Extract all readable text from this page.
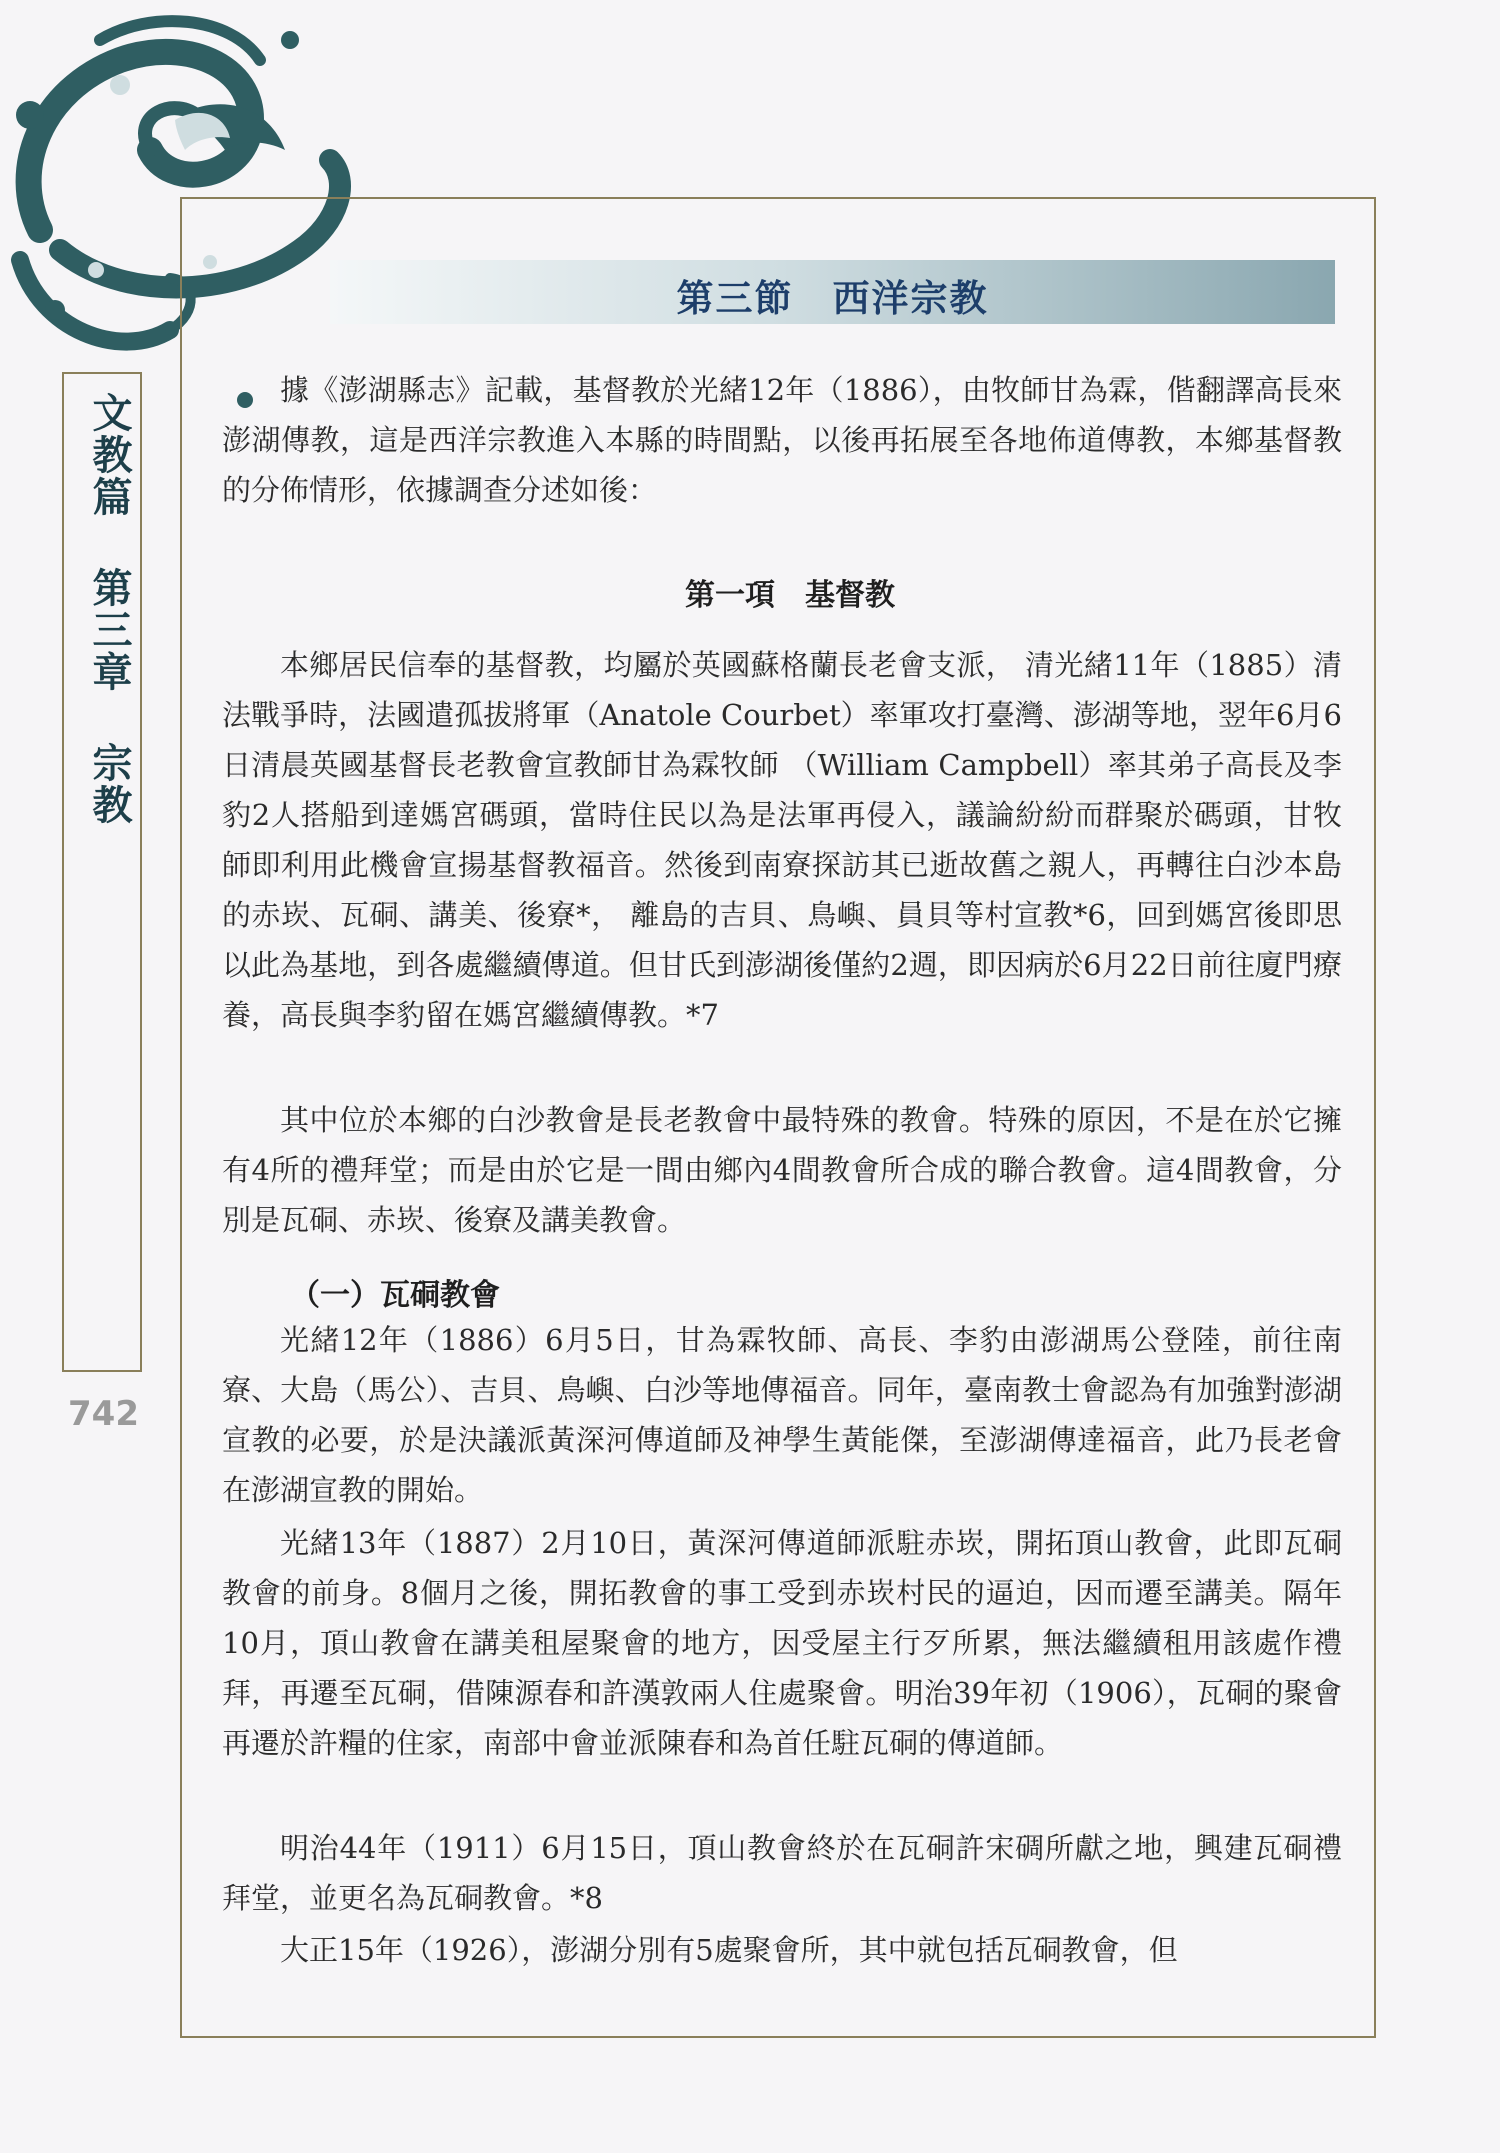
文教篇 第三章 宗教
742
第三節　西洋宗教

據《澎湖縣志》記載，基督教於光緒12年（1886），由牧師甘為霖，偕翻譯高長來澎湖傳教，這是西洋宗教進入本縣的時間點，以後再拓展至各地佈道傳教，本鄉基督教的分佈情形，依據調查分述如後：

第一項　基督教

本鄉居民信奉的基督教，均屬於英國蘇格蘭長老會支派， 清光緒11年（1885）清法戰爭時，法國遣孤拔將軍（Anatole Courbet）率軍攻打臺灣、澎湖等地，翌年6月6日清晨英國基督長老教會宣教師甘為霖牧師 （William Campbell）率其弟子高長及李豹2人搭船到達媽宮碼頭，當時住民以為是法軍再侵入，議論紛紛而群聚於碼頭，甘牧師即利用此機會宣揚基督教福音。然後到南寮探訪其已逝故舊之親人，再轉往白沙本島的赤崁、瓦硐、講美、後寮*， 離島的吉貝、鳥嶼、員貝等村宣教*6，回到媽宮後即思以此為基地，到各處繼續傳道。但甘氏到澎湖後僅約2週，即因病於6月22日前往廈門療養，高長與李豹留在媽宮繼續傳教。*7

其中位於本鄉的白沙教會是長老教會中最特殊的教會。特殊的原因，不是在於它擁有4所的禮拜堂；而是由於它是一間由鄉內4間教會所合成的聯合教會。這4間教會，分別是瓦硐、赤崁、後寮及講美教會。

（一）瓦硐教會

光緒12年（1886）6月5日，甘為霖牧師、高長、李豹由澎湖馬公登陸，前往南寮、大島（馬公）、吉貝、鳥嶼、白沙等地傳福音。同年，臺南教士會認為有加強對澎湖宣教的必要，於是決議派黃深河傳道師及神學生黃能傑，至澎湖傳達福音，此乃長老會在澎湖宣教的開始。

光緒13年（1887）2月10日，黃深河傳道師派駐赤崁，開拓頂山教會，此即瓦硐教會的前身。8個月之後，開拓教會的事工受到赤崁村民的逼迫，因而遷至講美。隔年10月，頂山教會在講美租屋聚會的地方，因受屋主行歹所累，無法繼續租用該處作禮拜，再遷至瓦硐，借陳源春和許漢敦兩人住處聚會。明治39年初（1906），瓦硐的聚會再遷於許糧的住家，南部中會並派陳春和為首任駐瓦硐的傳道師。

明治44年（1911）6月15日，頂山教會終於在瓦硐許宋碉所獻之地，興建瓦硐禮拜堂，並更名為瓦硐教會。*8

大正15年（1926），澎湖分別有5處聚會所，其中就包括瓦硐教會，但
